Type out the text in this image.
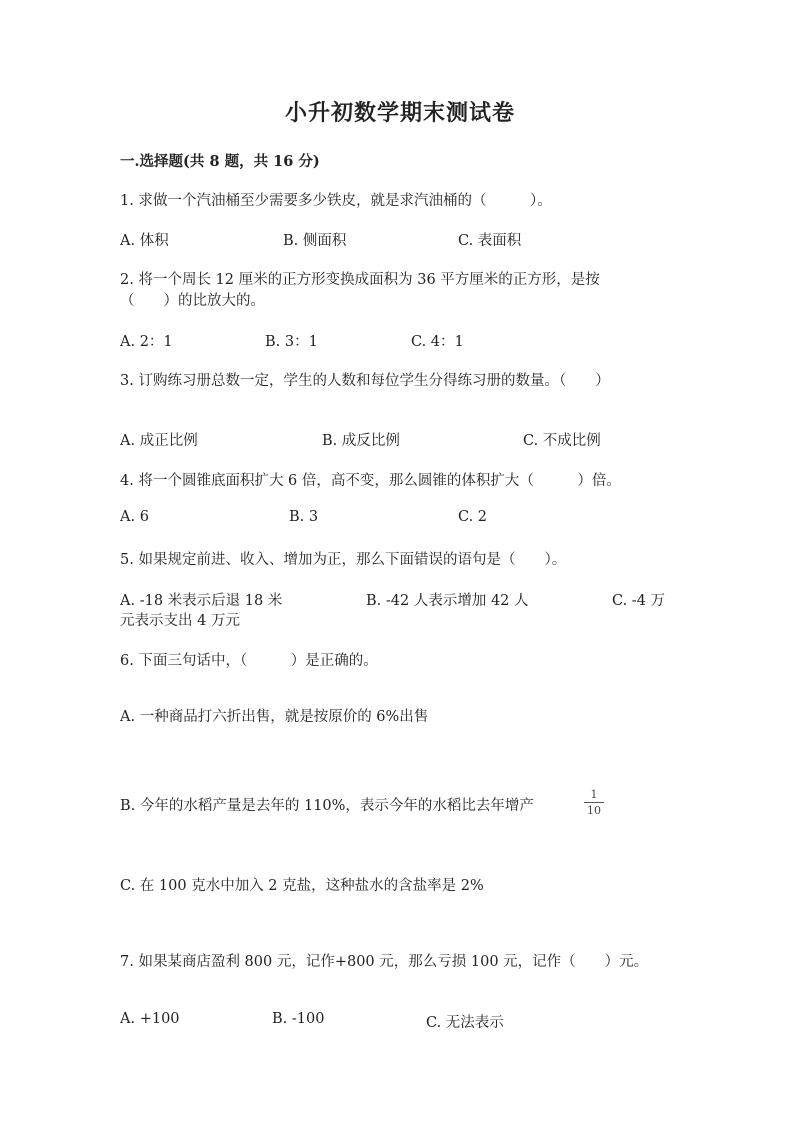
小升初数学期末测试卷
一.选择题(共 8 题，共 16 分)
1. 求做一个汽油桶至少需要多少铁皮，就是求汽油桶的（　　　）。
A. 体积	B. 侧面积	C. 表面积
2. 将一个周长 12 厘米的正方形变换成面积为 36 平方厘米的正方形，是按
（　　）的比放大的。
A. 2：1	B. 3：1	C. 4：1
3. 订购练习册总数一定，学生的人数和每位学生分得练习册的数量。（　　）
A. 成正比例	B. 成反比例	C. 不成比例
4. 将一个圆锥底面积扩大 6 倍，高不变，那么圆锥的体积扩大（　　　）倍。
A. 6	B. 3	C. 2
5. 如果规定前进、收入、增加为正，那么下面错误的语句是（　　）。
A. -18 米表示后退 18 米	B. -42 人表示增加 42 人	C. -4 万
元表示支出 4 万元
6. 下面三句话中，（　　　）是正确的。
A. 一种商品打六折出售，就是按原价的 6%出售
B. 今年的水稻产量是去年的 110%，表示今年的水稻比去年增产
1
10
C. 在 100 克水中加入 2 克盐，这种盐水的含盐率是 2%
7. 如果某商店盈利 800 元，记作+800 元，那么亏损 100 元，记作（　　）元。
A. +100	B. -100	C. 无法表示
